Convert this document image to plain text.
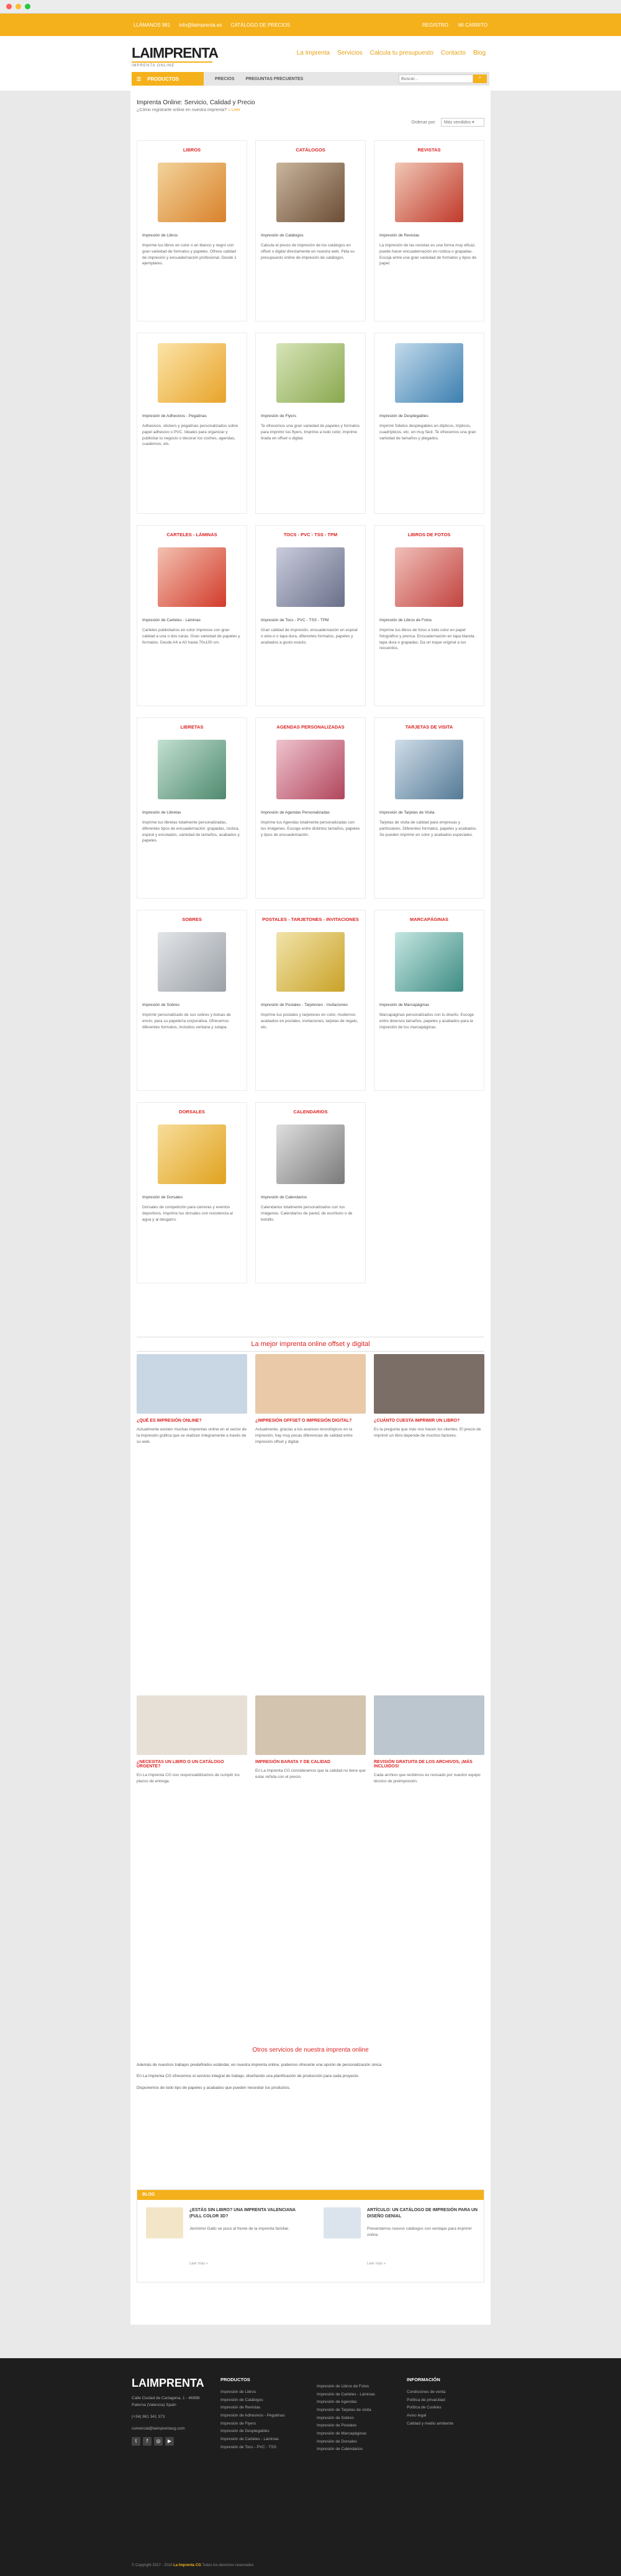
LLÁMANOS 981 info@laimprenta.es CATÁLOGO DE PRECIOS	REGISTRO MI CARRITO
LAIMPRENTA
IMPRENTA ONLINE
La Imprenta Servicios Calcula tu presupuesto Contacto Blog
☰ PRODUCTOS	PRECIOS	PREGUNTAS FRECUENTES
Buscar...	⌕
Imprenta Online: Servicio, Calidad y Precio
¿Cómo registrarte online en nuestra imprenta? » Leer
Ordenar por:	Más vendidos ▾
LIBROS
Impresión de Libros
Imprime tus libros en color o en blanco y negro con gran variedad de formatos y papeles. Ofrece calidad de impresión y encuadernación profesional. Desde 1 ejemplares.
CATÁLOGOS
Impresión de Catálogos
Calcula el precio de impresión de los catálogos en offset o digital directamente en nuestra web. Pida su presupuesto online de impresión de catálogos.
REVISTAS
Impresión de Revistas
La impresión de las revistas es una forma muy eficaz, puede hacer encuadernación en rústica o grapadas. Escoja entre una gran variedad de formatos y tipos de papel.
Impresión de Adhesivos - Pegatinas
Adhesivos, stickers y pegatinas personalizados sobre papel adhesivo o PVC. Ideales para organizar y publicitar tu negocio o decorar los coches, agendas, cuadernos, etc.
Impresión de Flyers
Te ofrecemos una gran variedad de papeles y formatos para imprimir tus flyers. Imprime a todo color, imprime tirada en offset o digital.
Impresión de Desplegables
Imprimir folletos desplegables en dípticos, trípticos, cuadrípticos, etc. en muy fácil. Te ofrecemos una gran variedad de tamaños y plegados.
CARTELES - LÁMINAS
Impresión de Carteles - Láminas
Carteles publicitarios en color impresos con gran calidad a una o dos caras. Gran variedad de papeles y formatos. Desde A4 a A0 hasta 70x100 cm.
TOCS - PVC - TSS - TPM
Impresión de Tocs - PVC - TSS - TPM
Gran calidad de impresión, encuadernación en espiral o wire-o o tapa dura, diferentes formatos, papeles y acabados a gusto exacto.
LIBROS DE FOTOS
Impresión de Libros de Fotos
Imprime tus libros de fotos a todo color en papel fotográfico y prensa. Encuadernación en tapa blanda, tapa dura o grapadas. Da un toque original a tus recuerdos.
LIBRETAS
Impresión de Libretas
Imprime tus libretas totalmente personalizadas, diferentes tipos de encuadernación: grapadas, rústica, espiral y encolados, variedad de tamaños, acabados y papeles.
AGENDAS PERSONALIZADAS
Impresión de Agendas Personalizadas
Imprime tus Agendas totalmente personalizadas con tus imágenes. Escoge entre distintos tamaños, papeles y tipos de encuadernación.
TARJETAS DE VISITA
Impresión de Tarjetas de Visita
Tarjetas de visita de calidad para empresas y particulares. Diferentes formatos, papeles y acabados. Se pueden imprimir en color y acabados especiales.
SOBRES
Impresión de Sobres
Imprimir personalizado de sus sobres y bolsas de envío, para su papelería corporativa. Ofrecemos diferentes formatos, incluidos ventana y solapa.
POSTALES - TARJETONES - INVITACIONES
Impresión de Postales - Tarjetones - Invitaciones
Imprime tus postales y tarjetones en color, modernos acabados en postales, invitaciones, tarjetas de regalo, etc.
MARCAPÁGINAS
Impresión de Marcapáginas
Marcapáginas personalizados con tu diseño. Escoge entre diversos tamaños, papeles y acabados para la impresión de tus marcapáginas.
DORSALES
Impresión de Dorsales
Dorsales de competición para carreras y eventos deportivos. Imprime tus dorsales con resistencia al agua y al desgarro.
CALENDARIOS
Impresión de Calendarios
Calendarios totalmente personalizados con tus imágenes. Calendarios de pared, de escritorio o de bolsillo.
La mejor imprenta online offset y digital
¿QUÉ ES IMPRESIÓN ONLINE?

Actualmente existen muchas imprentas online en el sector de la impresión gráfica que se realizan íntegramente a través de su web.

¿IMPRESIÓN OFFSET O IMPRESIÓN DIGITAL?

Actualmente, gracias a los avances tecnológicos en la impresión, hay muy pocas diferencias de calidad entre impresión offset y digital.

¿CUÁNTO CUESTA IMPRIMIR UN LIBRO?

Es la pregunta que más nos hacen los clientes. El precio de imprimir un libro depende de muchos factores.

¿NECESITAS UN LIBRO O UN CATÁLOGO URGENTE?

En La Imprenta CG nos responsabilizamos de cumplir los plazos de entrega.

IMPRESIÓN BARATA Y DE CALIDAD

En La Imprenta CG consideramos que la calidad no tiene que estar reñida con el precio.

REVISIÓN GRATUITA DE LOS ARCHIVOS, ¡MÁS INCLUIDOS!

Cada archivo que recibimos es revisado por nuestro equipo técnico de preimpresión.

Otros servicios de nuestra imprenta online

Además de nuestros trabajos predefinidos estándar, en nuestra imprenta online, podemos ofrecerte una opción de personalización única.

En La Imprenta CG ofrecemos el servicio integral de trabajo, diseñando una planificación de producción para cada proyecto.

Disponemos de todo tipo de papeles y acabados que pueden necesitar tus productos.

BLOG
¿ESTÁS SIN LIBRO? UNA IMPRENTA VALENCIANA (FULL COLOR 3D?
Jerónimo Gallo se puso al frente de la imprenta familiar.
Leer más »
ARTÍCULO: UN CATÁLOGO DE IMPRESIÓN PARA UN DISEÑO GENIAL
Presentamos nuevos catálogos con ventajas para imprimir online.
Leer más »
LAIMPRENTA
Calle Ciudad de Cartagena, 1 - 46988 Paterna (Valencia) Spain
(+34) 961 341 373
comercial@laimprentacg.com
t	f	◎	▶
PRODUCTOS
Impresión de Libros
Impresión de Catálogos
Impresión de Revistas
Impresión de Adhesivos - Pegatinas
Impresión de Flyers
Impresión de Desplegables
Impresión de Carteles - Láminas
Impresión de Tocs - PVC - TSS
Impresión de Libros de Fotos
Impresión de Carteles - Láminas
Impresión de Agendas
Impresión de Tarjetas de visita
Impresión de Sobres
Impresión de Postales
Impresión de Marcapáginas
Impresión de Dorsales
Impresión de Calendarios
INFORMACIÓN
Condiciones de venta
Política de privacidad
Política de Cookies
Aviso legal
Calidad y medio ambiente
© Copyright 2017 - 2018 La Imprenta CG Todos los derechos reservados
